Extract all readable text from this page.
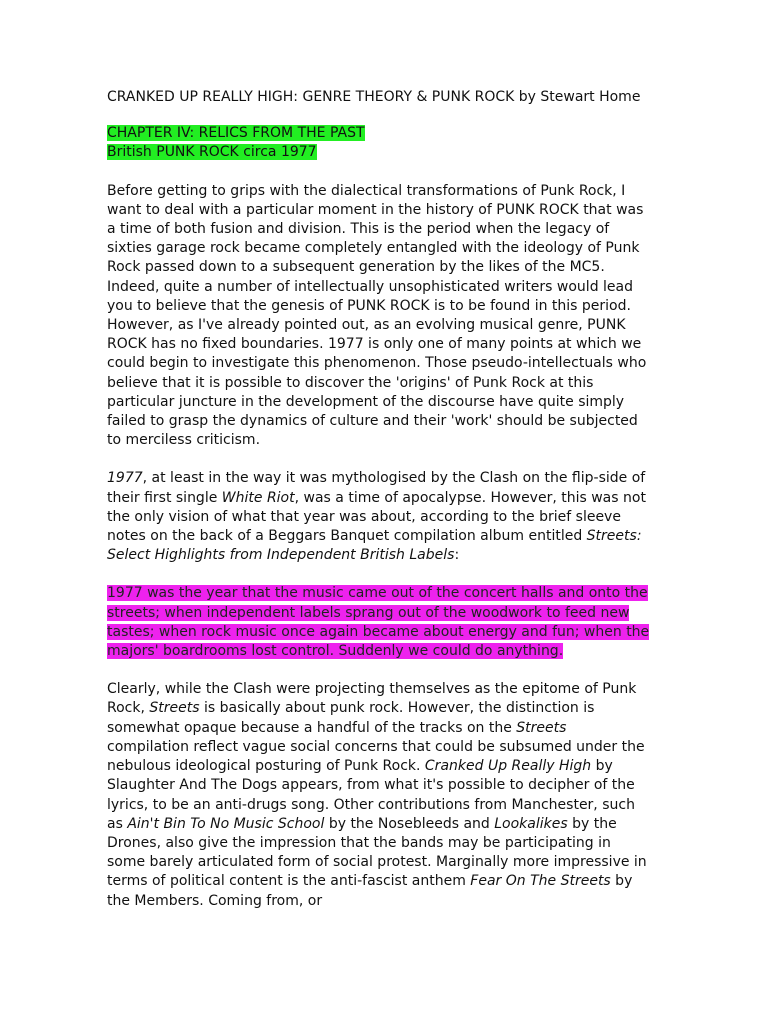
CRANKED UP REALLY HIGH: GENRE THEORY & PUNK ROCK by Stewart Home
CHAPTER IV: RELICS FROM THE PAST
British PUNK ROCK circa 1977

Before getting to grips with the dialectical transformations of Punk Rock, I want to deal with a particular moment in the history of PUNK ROCK that was a time of both fusion and division. This is the period when the legacy of sixties garage rock became completely entangled with the ideology of Punk Rock passed down to a subsequent generation by the likes of the MC5. Indeed, quite a number of intellectually unsophisticated writers would lead you to believe that the genesis of PUNK ROCK is to be found in this period. However, as I've already pointed out, as an evolving musical genre, PUNK ROCK has no fixed boundaries. 1977 is only one of many points at which we could begin to investigate this phenomenon. Those pseudo-intellectuals who believe that it is possible to discover the 'origins' of Punk Rock at this particular juncture in the development of the discourse have quite simply failed to grasp the dynamics of culture and their 'work' should be subjected to merciless criticism.

1977, at least in the way it was mythologised by the Clash on the flip-side of their first single White Riot, was a time of apocalypse. However, this was not the only vision of what that year was about, according to the brief sleeve notes on the back of a Beggars Banquet compilation album entitled Streets: Select Highlights from Independent British Labels:

1977 was the year that the music came out of the concert halls and onto the streets; when independent labels sprang out of the woodwork to feed new tastes; when rock music once again became about energy and fun; when the majors' boardrooms lost control. Suddenly we could do anything.

Clearly, while the Clash were projecting themselves as the epitome of Punk Rock, Streets is basically about punk rock. However, the distinction is somewhat opaque because a handful of the tracks on the Streets compilation reflect vague social concerns that could be subsumed under the nebulous ideological posturing of Punk Rock. Cranked Up Really High by Slaughter And The Dogs appears, from what it's possible to decipher of the lyrics, to be an anti-drugs song. Other contributions from Manchester, such as Ain't Bin To No Music School by the Nosebleeds and Lookalikes by the Drones, also give the impression that the bands may be participating in some barely articulated form of social protest. Marginally more impressive in terms of political content is the anti-fascist anthem Fear On The Streets by the Members. Coming from, or
